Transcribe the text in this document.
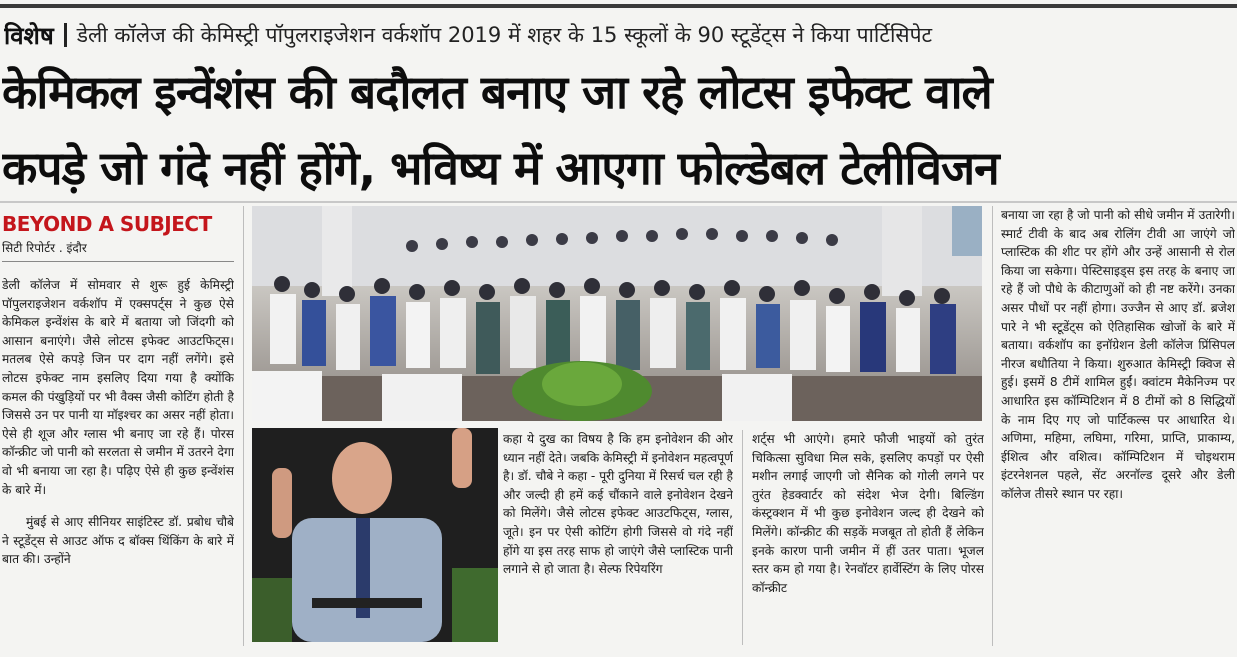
विशेष डेली कॉलेज की केमिस्ट्री पॉपुलराइजेशन वर्कशॉप 2019 में शहर के 15 स्कूलों के 90 स्टूडेंट्स ने किया पार्टिसिपेट
केमिकल इन्वेंशंस की बदौलत बनाए जा रहे लोटस इफेक्ट वाले
कपड़े जो गंदे नहीं होंगे, भविष्य में आएगा फोल्डेबल टेलीविजन
BEYOND A SUBJECT
सिटी रिपोर्टर . इंदौर
डेली कॉलेज में सोमवार से शुरू हुई केमिस्ट्री पॉपुलराइजेशन वर्कशॉप में एक्सपर्ट्स ने कुछ ऐसे केमिकल इन्वेंशंस के बारे में बताया जो जिंदगी को आसान बनाएंगे। जैसे लोटस इफेक्ट आउटफिट्स। मतलब ऐसे कपड़े जिन पर दाग नहीं लगेंगे। इसे लोटस इफेक्ट नाम इसलिए दिया गया है क्योंकि कमल की पंखुड़ियों पर भी वैक्स जैसी कोटिंग होती है जिससे उन पर पानी या मॉइश्चर का असर नहीं होता। ऐसे ही शूज और ग्लास भी बनाए जा रहे हैं। पोरस कॉन्क्रीट जो पानी को सरलता से जमीन में उतरने देगा वो भी बनाया जा रहा है। पढ़िए ऐसे ही कुछ इन्वेंशंस के बारे में।
मुंबई से आए सीनियर साइंटिस्ट डॉ. प्रबोध चौबे ने स्टूडेंट्स से आउट ऑफ द बॉक्स थिंकिंग के बारे में बात की। उन्होंने
कहा ये दुख का विषय है कि हम इनोवेशन की ओर ध्यान नहीं देते। जबकि केमिस्ट्री में इनोवेशन महत्वपूर्ण है। डॉ. चौबे ने कहा - पूरी दुनिया में रिसर्च चल रही है और जल्दी ही हमें कई चौंकाने वाले इनोवेशन देखने को मिलेंगे। जैसे लोटस इफेक्ट आउटफिट्स, ग्लास, जूते। इन पर ऐसी कोटिंग होगी जिससे वो गंदे नहीं होंगे या इस तरह साफ हो जाएंगे जैसे प्लास्टिक पानी लगाने से हो जाता है। सेल्फ रिपेयरिंग
शर्ट्स भी आएंगे। हमारे फौजी भाइयों को तुरंत चिकित्सा सुविधा मिल सके, इसलिए कपड़ों पर ऐसी मशीन लगाई जाएगी जो सैनिक को गोली लगने पर तुरंत हेडक्वार्टर को संदेश भेज देगी। बिल्डिंग कंस्ट्रक्शन में भी कुछ इनोवेशन जल्द ही देखने को मिलेंगे। कॉन्क्रीट की सड़कें मजबूत तो होती हैं लेकिन इनके कारण पानी जमीन में हीं उतर पाता। भूजल स्तर कम हो गया है। रेनवॉटर हार्वेस्टिंग के लिए पोरस कॉन्क्रीट
बनाया जा रहा है जो पानी को सीधे जमीन में उतारेगी। स्मार्ट टीवी के बाद अब रोलिंग टीवी आ जाएंगे जो प्लास्टिक की शीट पर होंगे और उन्हें आसानी से रोल किया जा सकेगा। पेस्टिसाइड्स इस तरह के बनाए जा रहे हैं जो पौधे के कीटाणुओं को ही नष्ट करेंगे। उनका असर पौधों पर नहीं होगा। उज्जैन से आए डॉ. ब्रजेश पारे ने भी स्टूडेंट्स को ऐतिहासिक खोजों के बारे में बताया। वर्कशॉप का इनॉग्रेशन डेली कॉलेज प्रिंसिपल नीरज बधौतिया ने किया। शुरुआत केमिस्ट्री क्विज से हुई। इसमें 8 टीमें शामिल हुईं। क्वांटम मैकेनिज्म पर आधारित इस कॉम्पिटिशन में 8 टीमों को 8 सिद्धियों के नाम दिए गए जो पार्टिकल्स पर आधारित थे। अणिमा, महिमा, लघिमा, गरिमा, प्राप्ति, प्राकाम्य, ईशित्व और वशित्व। कॉम्पिटिशन में चोइथराम इंटरनेशनल पहले, सेंट अरनॉल्ड दूसरे और डेली कॉलेज तीसरे स्थान पर रहा।
